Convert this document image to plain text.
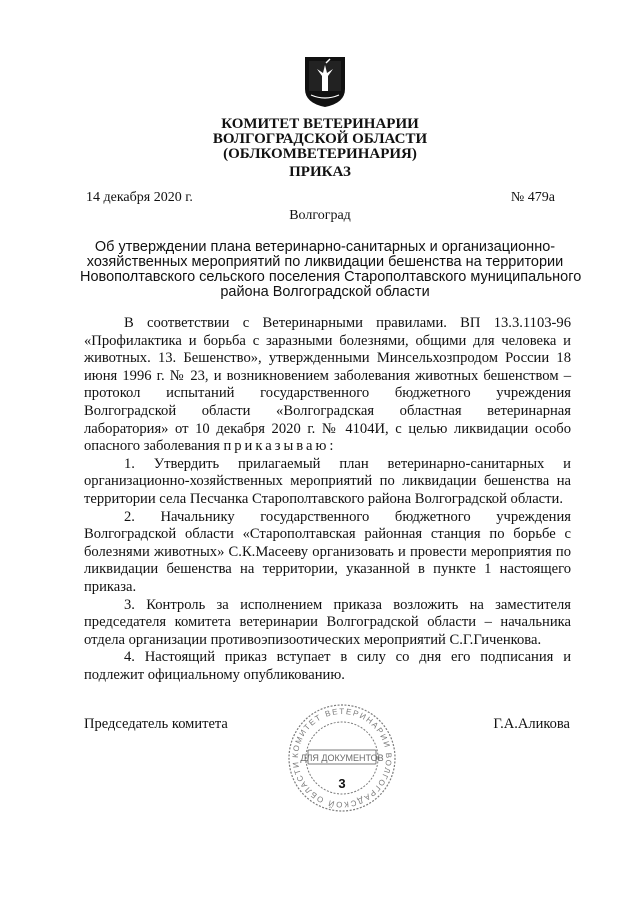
КОМИТЕТ ВЕТЕРИНАРИИ
ВОЛГОГРАДСКОЙ ОБЛАСТИ
(ОБЛКОМВЕТЕРИНАРИЯ)
ПРИКАЗ
14 декабря 2020 г.	№ 479а
Волгоград
Об утверждении плана ветеринарно-санитарных и организационно-
хозяйственных мероприятий по ликвидации бешенства на территории
Новополтавского сельского поселения Старополтавского муниципального
района Волгоградской области

В соответствии с Ветеринарными правилами. ВП 13.3.1103-96 «Профилактика и борьба с заразными болезнями, общими для человека и животных. 13. Бешенство», утвержденными Минсельхозпродом России 18 июня 1996 г. № 23, и возникновением заболевания животных бешенством – протокол испытаний государственного бюджетного учреждения Волгоградской области «Волгоградская областная ветеринарная лаборатория» от 10 декабря 2020 г. № 4104И, с целью ликвидации особо опасного заболевания приказываю:

1. Утвердить прилагаемый план ветеринарно-санитарных и организационно-хозяйственных мероприятий по ликвидации бешенства на территории села Песчанка Старополтавского района Волгоградской области.

2. Начальнику государственного бюджетного учреждения Волгоградской области «Старополтавская районная станция по борьбе с болезнями животных» С.К.Масееву организовать и провести мероприятия по ликвидации бешенства на территории, указанной в пункте 1 настоящего приказа.

3. Контроль за исполнением приказа возложить на заместителя председателя комитета ветеринарии Волгоградской области – начальника отдела организации противоэпизоотических мероприятий С.Г.Гиченкова.

4. Настоящий приказ вступает в силу со дня его подписания и подлежит официальному опубликованию.

Председатель комитета	Г.А.Аликова
КОМИТЕТ ВЕТЕРИНАРИИ ВОЛГОГРАДСКОЙ ОБЛАСТИ
ДЛЯ ДОКУМЕНТОВ
3
